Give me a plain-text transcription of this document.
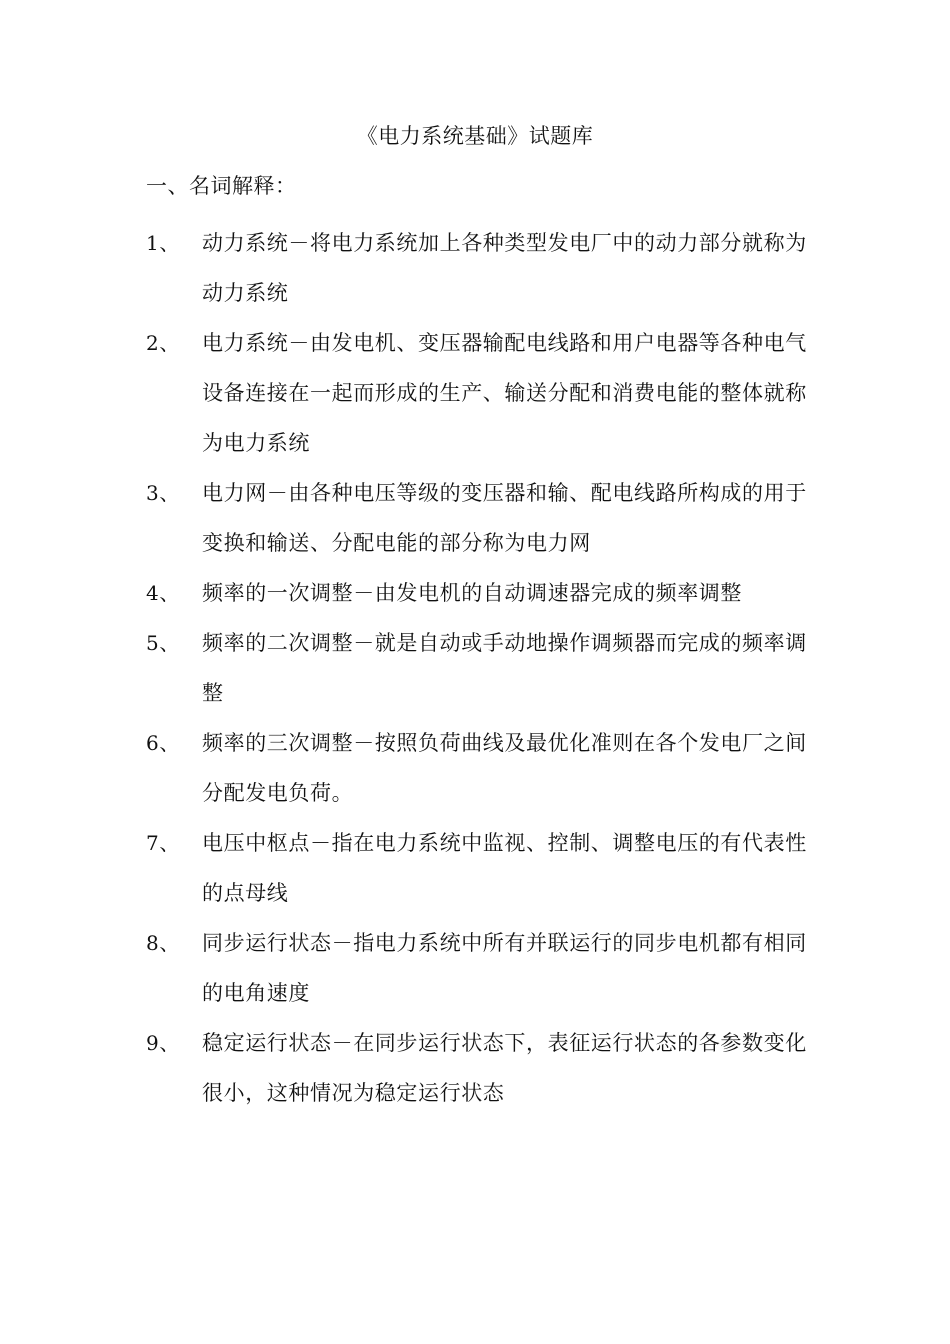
《电力系统基础》试题库
一、名词解释：
1、	动力系统－将电力系统加上各种类型发电厂中的动力部分就称为动力系统
2、	电力系统－由发电机、变压器输配电线路和用户电器等各种电气设备连接在一起而形成的生产、输送分配和消费电能的整体就称为电力系统
3、	电力网－由各种电压等级的变压器和输、配电线路所构成的用于变换和输送、分配电能的部分称为电力网
4、	频率的一次调整－由发电机的自动调速器完成的频率调整
5、	频率的二次调整－就是自动或手动地操作调频器而完成的频率调整
6、	频率的三次调整－按照负荷曲线及最优化准则在各个发电厂之间分配发电负荷。
7、	电压中枢点－指在电力系统中监视、控制、调整电压的有代表性的点母线
8、	同步运行状态－指电力系统中所有并联运行的同步电机都有相同的电角速度
9、	稳定运行状态－在同步运行状态下，表征运行状态的各参数变化很小，这种情况为稳定运行状态
